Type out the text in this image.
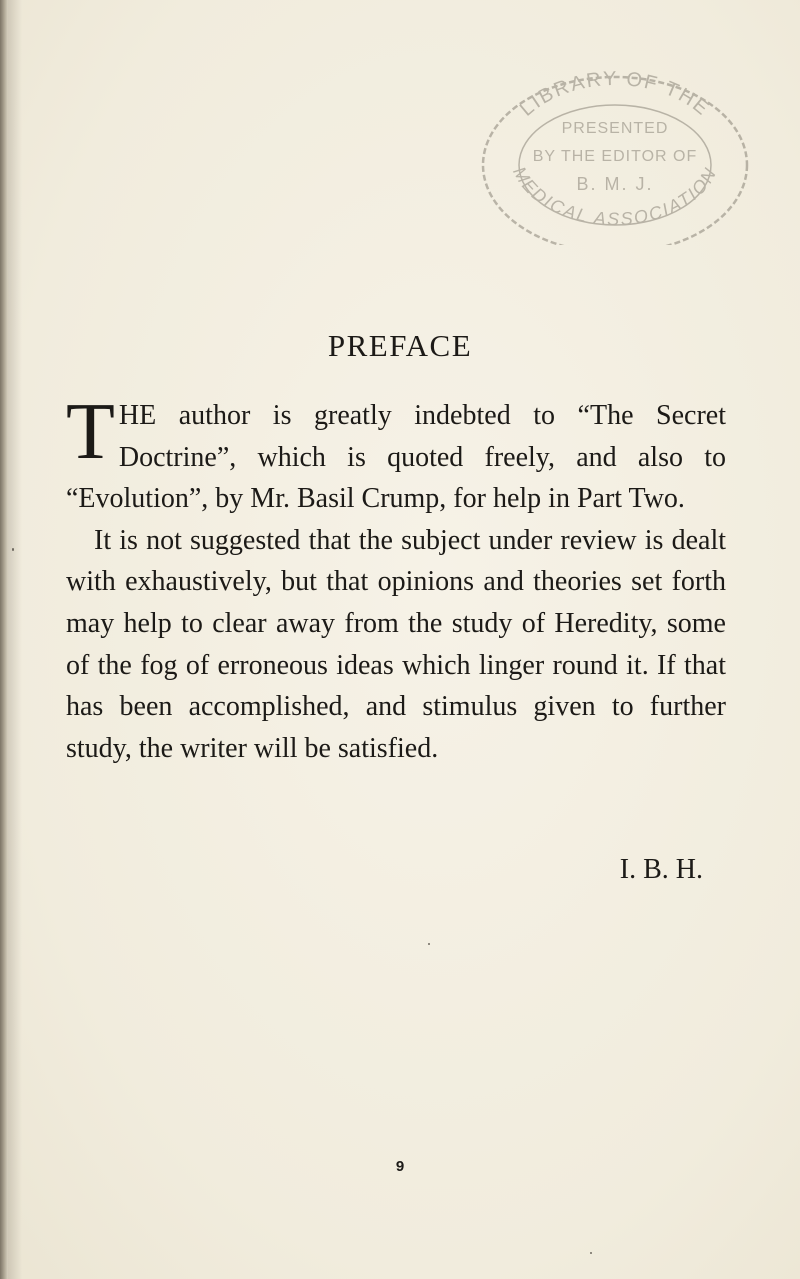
LIBRARY OF THE
PRESENTED
BY THE EDITOR OF
B. M. J.
MEDICAL ASSOCIATION
PREFACE

THE author is greatly indebted to “The Secret Doctrine”, which is quoted freely, and also to “Evolution”, by Mr. Basil Crump, for help in Part Two.

It is not suggested that the subject under review is dealt with exhaustively, but that opinions and theories set forth may help to clear away from the study of Heredity, some of the fog of erroneous ideas which linger round it. If that has been accomplished, and stimulus given to further study, the writer will be satisfied.

I. B. H.
9
